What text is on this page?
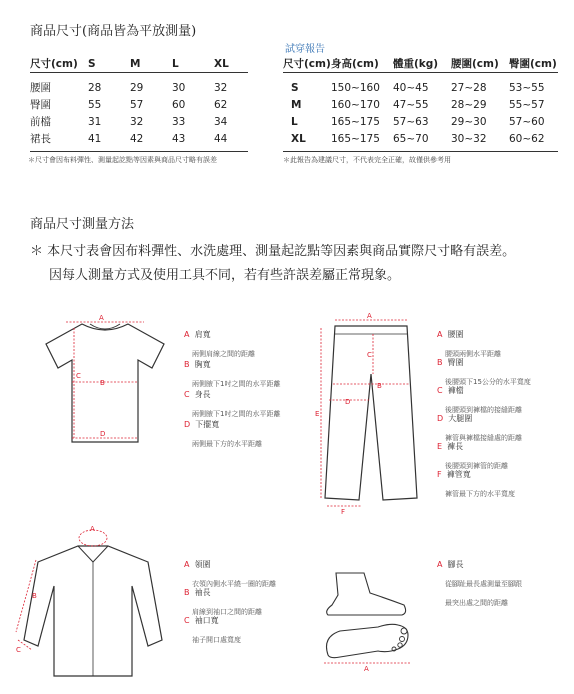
商品尺寸(商品皆為平放測量)
尺寸(cm)	S	M	L	XL

腰圍	28	29	30	32
臀圍	55	57	60	62
前檔	31	32	33	34
裙長	41	42	43	44

＊尺寸會因布料彈性、測量起訖點等因素與商品尺寸略有誤差
試穿報告
尺寸(cm)	身高(cm)	體重(kg)	腰圍(cm)	臀圍(cm)

S	150~160	40~45	27~28	53~55
M	160~170	47~55	28~29	55~57
L	165~175	57~63	29~30	57~60
XL	165~175	65~70	30~32	60~62

＊此報告為建議尺寸，不代表完全正確，故僅供參考用
商品尺寸測量方法
＊ 本尺寸表會因布料彈性、水洗處理、測量起訖點等因素與商品實際尺寸略有誤差。
因每人測量方式及使用工具不同，若有些許誤差屬正常現象。
A
B
C
D
A 肩寬
兩側肩線之間的距離
B 胸寬
兩側腋下1吋之間的水平距離
C 身長
兩側腋下1吋之間的水平距離
D 下擺寬
兩側最下方的水平距離
A
B
C
D
E
F
A 腰圍
腰頭兩側水平距離
B 臀圍
後腰頭下15公分的水平寬度
C 褲檔
後腰頭到褲檔的接縫距離
D 大腿圍
褲管與褲檔接縫處的距離
E 褲長
後腰頭到褲管的距離
F 褲管寬
褲管最下方的水平寬度
A
B
C
A 領圍
衣領內側水平繞一圈的距離
B 袖長
肩線到袖口之間的距離
C 袖口寬
袖子開口處寬度
A
A 腳長
從腳趾最長處測量至腳跟
最突出處之間的距離
